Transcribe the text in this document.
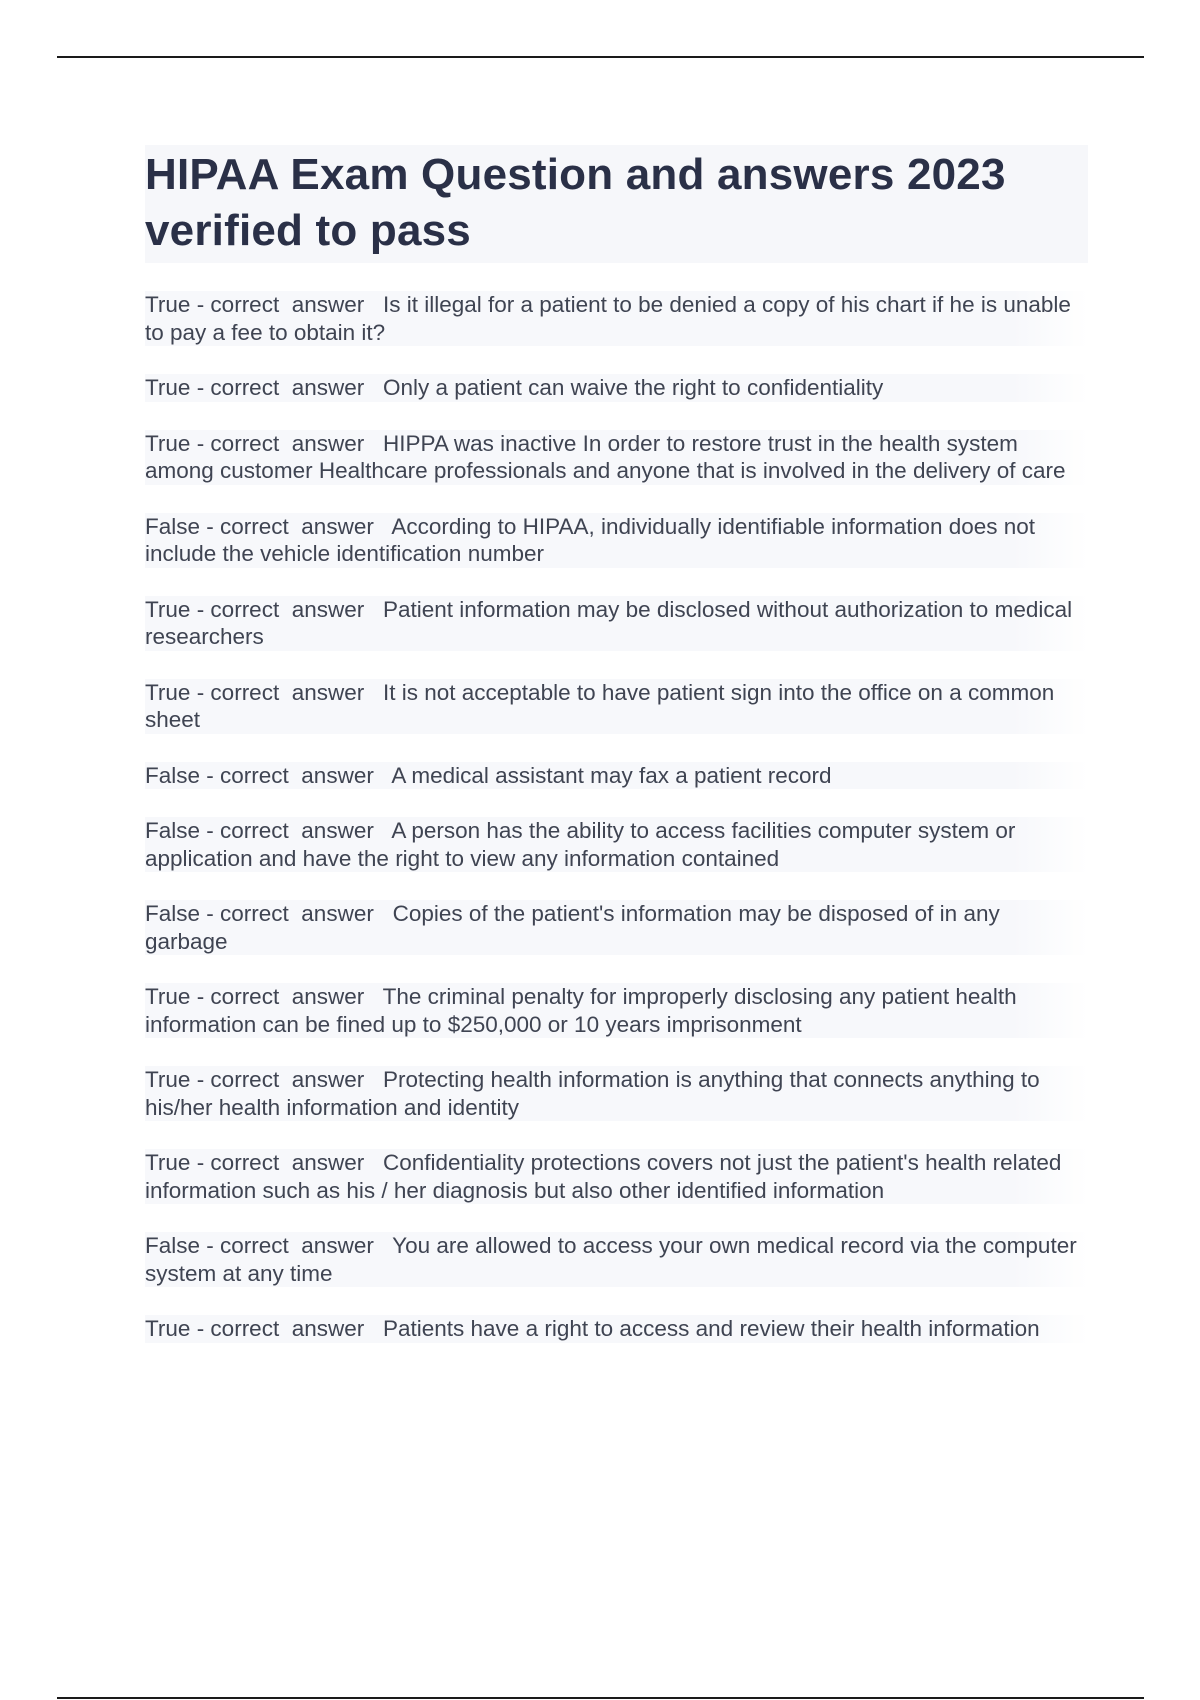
HIPAA Exam Question and answers 2023 verified to pass
True - correct  answer   Is it illegal for a patient to be denied a copy of his chart if he is unable to pay a fee to obtain it?
True - correct  answer   Only a patient can waive the right to confidentiality
True - correct  answer   HIPPA was inactive In order to restore trust in the health system among customer Healthcare professionals and anyone that is involved in the delivery of care
False - correct  answer   According to HIPAA, individually identifiable information does not include the vehicle identification number
True - correct  answer   Patient information may be disclosed without authorization to medical researchers
True - correct  answer   It is not acceptable to have patient sign into the office on a common sheet
False - correct  answer   A medical assistant may fax a patient record
False - correct  answer   A person has the ability to access facilities computer system or application and have the right to view any information contained
False - correct  answer   Copies of the patient's information may be disposed of in any garbage
True - correct  answer   The criminal penalty for improperly disclosing any patient health information can be fined up to $250,000 or 10 years imprisonment
True - correct  answer   Protecting health information is anything that connects anything to his/her health information and identity
True - correct  answer   Confidentiality protections covers not just the patient's health related information such as his / her diagnosis but also other identified information
False - correct  answer   You are allowed to access your own medical record via the computer system at any time
True - correct  answer   Patients have a right to access and review their health information
